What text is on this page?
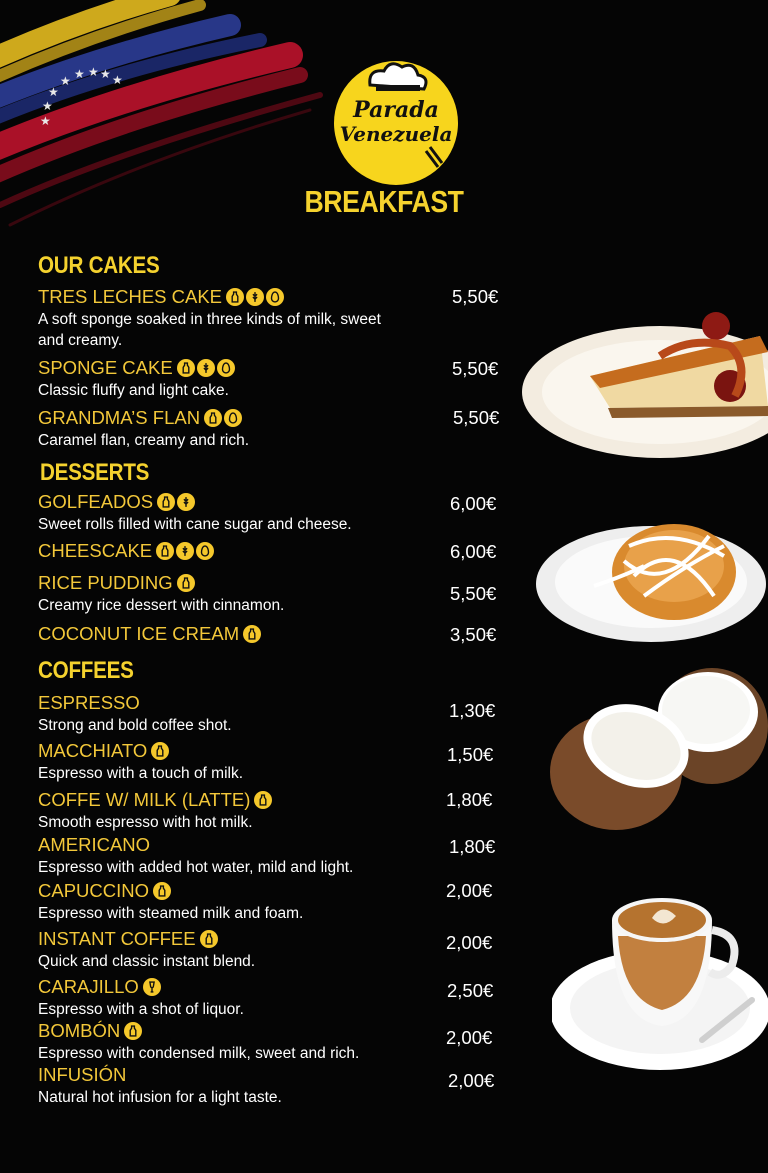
★
★
★
★ ★ ★ ★ ★
Parada
Venezuela
BREAKFAST
OUR CAKES
DESSERTS
COFFEES
TRES LECHES CAKE
A soft sponge soaked in three kinds of milk, sweet and creamy.
5,50€
SPONGE CAKE
Classic fluffy and light cake.
5,50€
GRANDMA’S FLAN
Caramel flan, creamy and rich.
5,50€
GOLFEADOS
Sweet rolls filled with cane sugar and cheese.
6,00€
CHEESCAKE	6,00€
RICE PUDDING
Creamy rice dessert with cinnamon.
5,50€
COCONUT ICE CREAM	3,50€
ESPRESSO
Strong and bold coffee shot.
1,30€
MACCHIATO
Espresso with a touch of milk.
1,50€
COFFE W/ MILK (LATTE)
Smooth espresso with hot milk.
1,80€
AMERICANO
Espresso with added hot water, mild and light.
1,80€
CAPUCCINO
Espresso with steamed milk and foam.
2,00€
INSTANT COFFEE
Quick and classic instant blend.
2,00€
CARAJILLO
Espresso with a shot of liquor.
2,50€
BOMBÓN
Espresso with condensed milk, sweet and rich.
2,00€
INFUSIÓN
Natural hot infusion for a light taste.
2,00€
